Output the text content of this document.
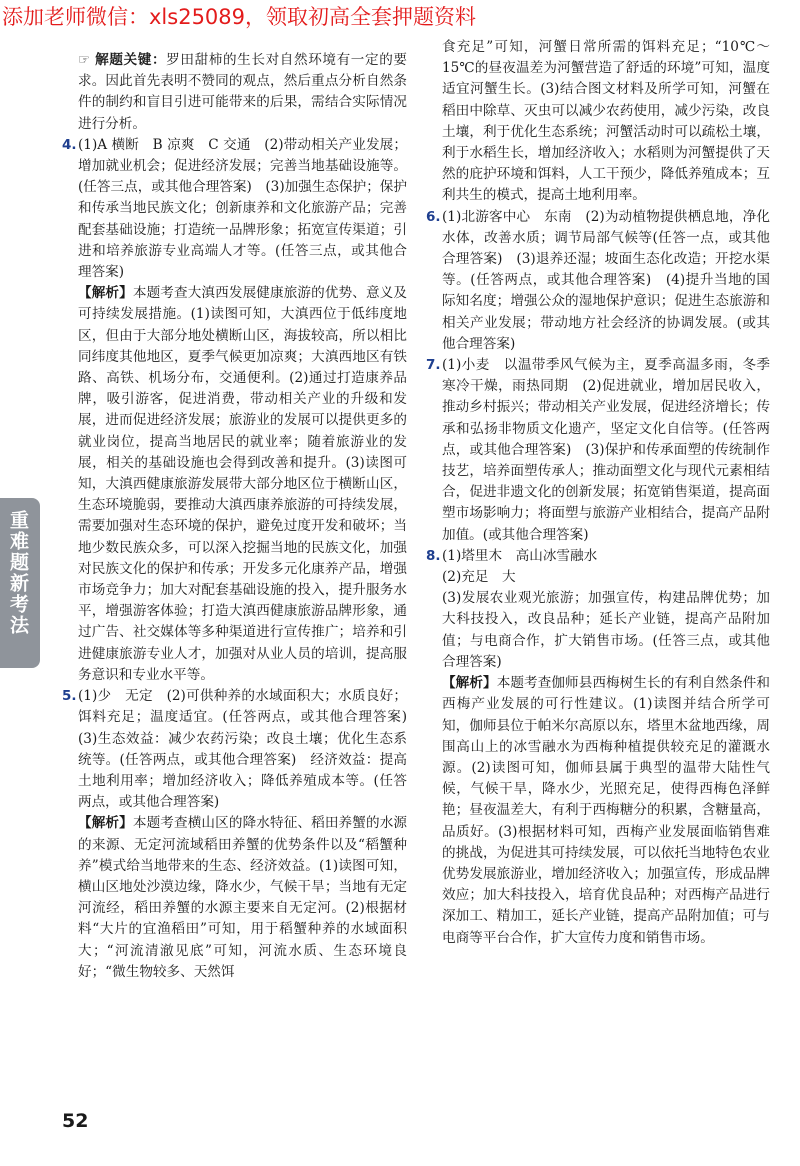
添加老师微信：xls25089，领取初高全套押题资料

☞ 解题关键：罗田甜柿的生长对自然环境有一定的要求。因此首先表明不赞同的观点，然后重点分析自然条件的制约和盲目引进可能带来的后果，需结合实际情况进行分析。

4.(1)A 横断　B 凉爽　C 交通　(2)带动相关产业发展；增加就业机会；促进经济发展；完善当地基础设施等。(任答三点，或其他合理答案)　(3)加强生态保护；保护和传承当地民族文化；创新康养和文化旅游产品；完善配套基础设施；打造统一品牌形象；拓宽宣传渠道；引进和培养旅游专业高端人才等。(任答三点，或其他合理答案)

【解析】本题考查大滇西发展健康旅游的优势、意义及可持续发展措施。(1)读图可知，大滇西位于低纬度地区，但由于大部分地处横断山区，海拔较高，所以相比同纬度其他地区，夏季气候更加凉爽；大滇西地区有铁路、高铁、机场分布，交通便利。(2)通过打造康养品牌，吸引游客，促进消费，带动相关产业的升级和发展，进而促进经济发展；旅游业的发展可以提供更多的就业岗位，提高当地居民的就业率；随着旅游业的发展，相关的基础设施也会得到改善和提升。(3)读图可知，大滇西健康旅游发展带大部分地区位于横断山区，生态环境脆弱，要推动大滇西康养旅游的可持续发展，需要加强对生态环境的保护，避免过度开发和破坏；当地少数民族众多，可以深入挖掘当地的民族文化，加强对民族文化的保护和传承；开发多元化康养产品，增强市场竞争力；加大对配套基础设施的投入，提升服务水平，增强游客体验；打造大滇西健康旅游品牌形象，通过广告、社交媒体等多种渠道进行宣传推广；培养和引进健康旅游专业人才，加强对从业人员的培训，提高服务意识和专业水平等。

5.(1)少　无定　(2)可供种养的水域面积大；水质良好；饵料充足；温度适宜。(任答两点，或其他合理答案)　(3)生态效益：减少农药污染；改良土壤；优化生态系统等。(任答两点，或其他合理答案)　经济效益：提高土地利用率；增加经济收入；降低养殖成本等。(任答两点，或其他合理答案)

【解析】本题考查横山区的降水特征、稻田养蟹的水源的来源、无定河流域稻田养蟹的优势条件以及“稻蟹种养”模式给当地带来的生态、经济效益。(1)读图可知，横山区地处沙漠边缘，降水少，气候干旱；当地有无定河流经，稻田养蟹的水源主要来自无定河。(2)根据材料“大片的宜渔稻田”可知，用于稻蟹种养的水域面积大；“河流清澈见底”可知，河流水质、生态环境良好；“微生物较多、天然饵

食充足”可知，河蟹日常所需的饵料充足；“10℃～15℃的昼夜温差为河蟹营造了舒适的环境”可知，温度适宜河蟹生长。(3)结合图文材料及所学可知，河蟹在稻田中除草、灭虫可以减少农药使用，减少污染，改良土壤，利于优化生态系统；河蟹活动时可以疏松土壤，利于水稻生长，增加经济收入；水稻则为河蟹提供了天然的庇护环境和饵料，人工干预少，降低养殖成本；互利共生的模式，提高土地利用率。

6.(1)北游客中心　东南　(2)为动植物提供栖息地，净化水体，改善水质；调节局部气候等(任答一点，或其他合理答案)　(3)退养还湿；坡面生态化改造；开挖水渠等。(任答两点，或其他合理答案)　(4)提升当地的国际知名度；增强公众的湿地保护意识；促进生态旅游和相关产业发展；带动地方社会经济的协调发展。(或其他合理答案)

7.(1)小麦　以温带季风气候为主，夏季高温多雨，冬季寒冷干燥，雨热同期　(2)促进就业，增加居民收入，推动乡村振兴；带动相关产业发展，促进经济增长；传承和弘扬非物质文化遗产，坚定文化自信等。(任答两点，或其他合理答案)　(3)保护和传承面塑的传统制作技艺，培养面塑传承人；推动面塑文化与现代元素相结合，促进非遗文化的创新发展；拓宽销售渠道，提高面塑市场影响力；将面塑与旅游产业相结合，提高产品附加值。(或其他合理答案)

8.(1)塔里木　高山冰雪融水

(2)充足　大

(3)发展农业观光旅游；加强宣传，构建品牌优势；加大科技投入，改良品种；延长产业链，提高产品附加值；与电商合作，扩大销售市场。(任答三点，或其他合理答案)

【解析】本题考查伽师县西梅树生长的有利自然条件和西梅产业发展的可行性建议。(1)读图并结合所学可知，伽师县位于帕米尔高原以东，塔里木盆地西缘，周围高山上的冰雪融水为西梅种植提供较充足的灌溉水源。(2)读图可知，伽师县属于典型的温带大陆性气候，气候干旱，降水少，光照充足，使得西梅色泽鲜艳；昼夜温差大，有利于西梅糖分的积累，含糖量高，品质好。(3)根据材料可知，西梅产业发展面临销售难的挑战，为促进其可持续发展，可以依托当地特色农业优势发展旅游业，增加经济收入；加强宣传，形成品牌效应；加大科技投入，培育优良品种；对西梅产品进行深加工、精加工，延长产业链，提高产品附加值；可与电商等平台合作，扩大宣传力度和销售市场。

重难题新考法
52
